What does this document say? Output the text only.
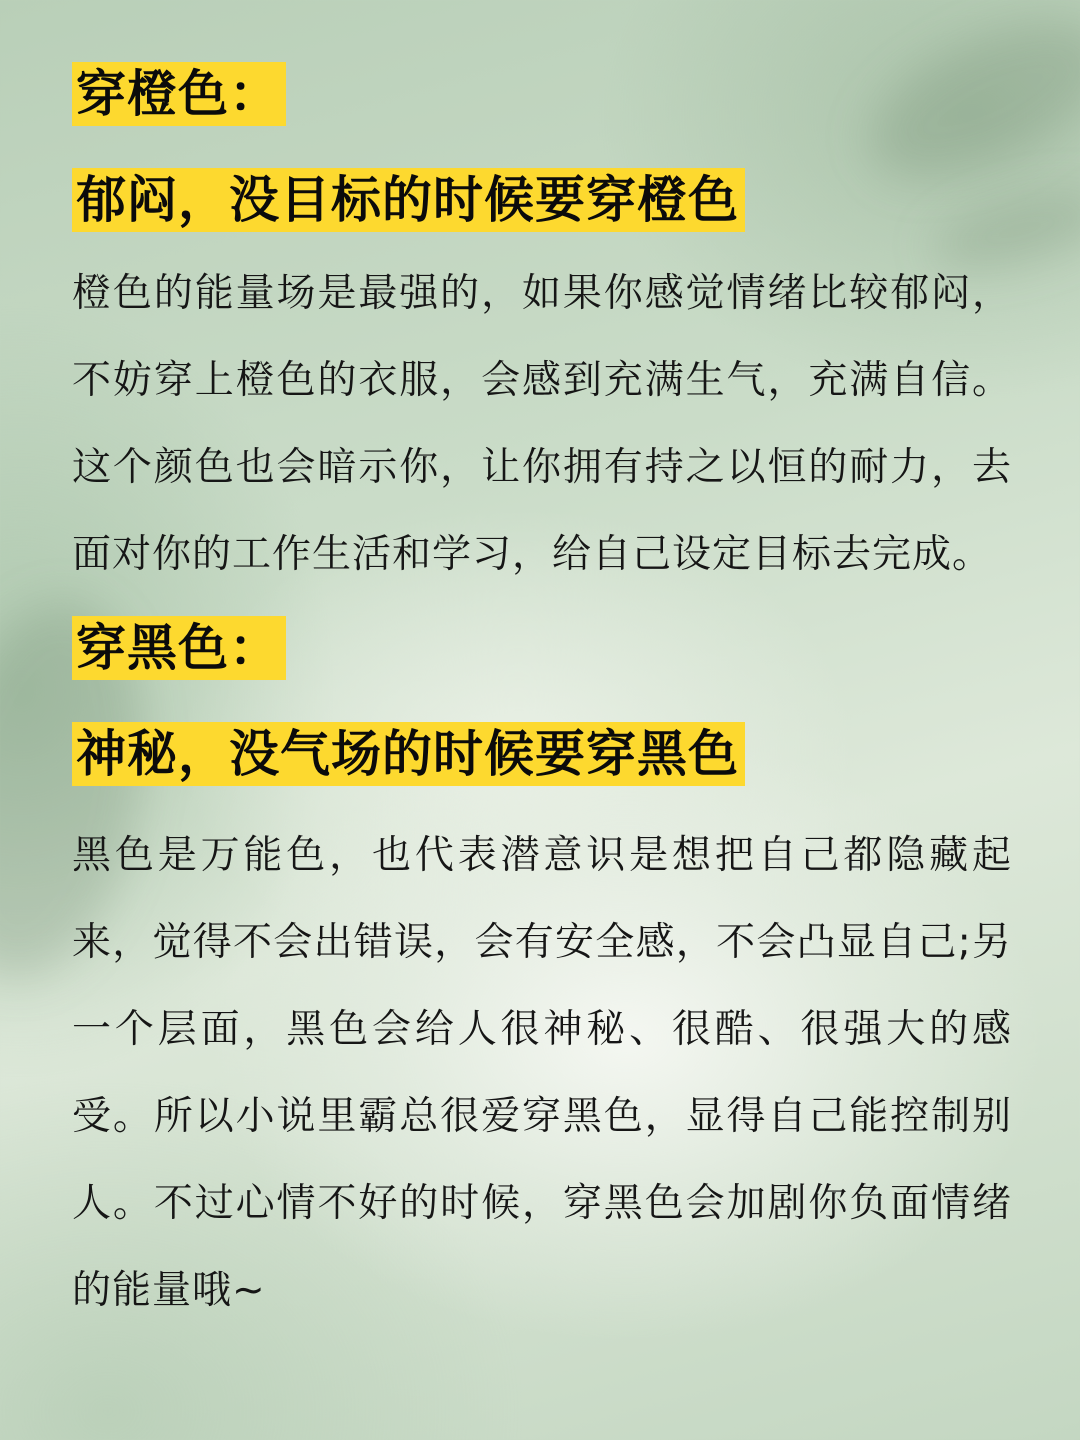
穿橙色：
郁闷，没目标的时候要穿橙色

橙色的能量场是最强的，如果你感觉情绪比较郁闷，不妨穿上橙色的衣服，会感到充满生气，充满自信。这个颜色也会暗示你，让你拥有持之以恒的耐力，去面对你的工作生活和学习，给自己设定目标去完成。

穿黑色：
神秘，没气场的时候要穿黑色

黑色是万能色，也代表潜意识是想把自己都隐藏起来，觉得不会出错误，会有安全感，不会凸显自己;另一个层面，黑色会给人很神秘、很酷、很强大的感受。所以小说里霸总很爱穿黑色，显得自己能控制别人。不过心情不好的时候，穿黑色会加剧你负面情绪的能量哦~
